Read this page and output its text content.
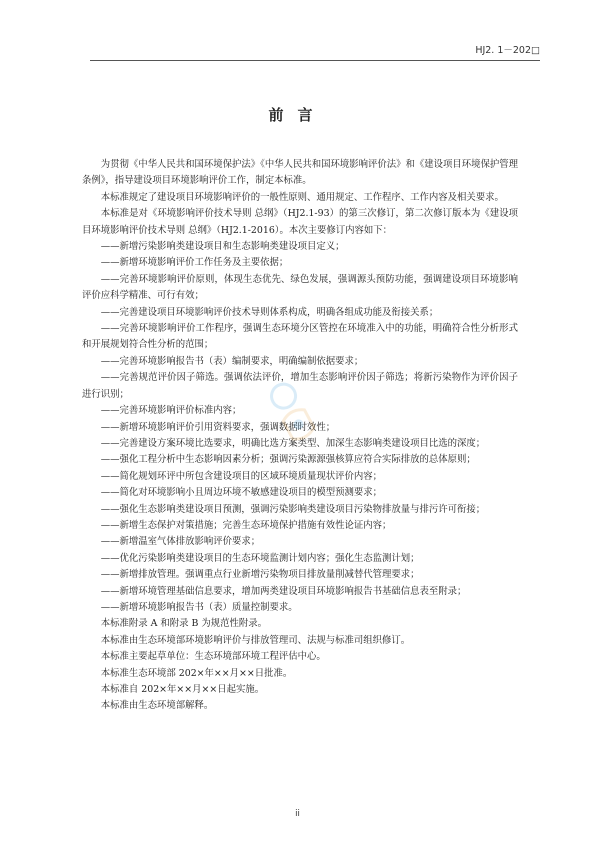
HJ2. 1－202□
前言

为贯彻《中华人民共和国环境保护法》《中华人民共和国环境影响评价法》和《建设项目环境保护管理条例》，指导建设项目环境影响评价工作，制定本标准。

本标准规定了建设项目环境影响评价的一般性原则、通用规定、工作程序、工作内容及相关要求。

本标准是对《环境影响评价技术导则 总纲》（HJ2.1-93）的第三次修订，第二次修订版本为《建设项目环境影响评价技术导则 总纲》（HJ2.1-2016）。本次主要修订内容如下：

——新增污染影响类建设项目和生态影响类建设项目定义；

——新增环境影响评价工作任务及主要依据；

——完善环境影响评价原则，体现生态优先、绿色发展，强调源头预防功能，强调建设项目环境影响评价应科学精准、可行有效；

——完善建设项目环境影响评价技术导则体系构成，明确各组成功能及衔接关系；

——完善环境影响评价工作程序，强调生态环境分区管控在环境准入中的功能，明确符合性分析形式和开展规划符合性分析的范围；

——完善环境影响报告书（表）编制要求，明确编制依据要求；

——完善规范评价因子筛选。强调依法评价，增加生态影响评价因子筛选；将新污染物作为评价因子进行识别；

——完善环境影响评价标准内容；

——新增环境影响评价引用资料要求，强调数据时效性；

——完善建设方案环境比选要求，明确比选方案类型、加深生态影响类建设项目比选的深度；

——强化工程分析中生态影响因素分析；强调污染源源强核算应符合实际排放的总体原则；

——简化规划环评中所包含建设项目的区域环境质量现状评价内容；

——简化对环境影响小且周边环境不敏感建设项目的模型预测要求；

——强化生态影响类建设项目预测，强调污染影响类建设项目污染物排放量与排污许可衔接；

——新增生态保护对策措施；完善生态环境保护措施有效性论证内容；

——新增温室气体排放影响评价要求；

——优化污染影响类建设项目的生态环境监测计划内容；强化生态监测计划；

——新增排放管理。强调重点行业新增污染物项目排放量削减替代管理要求；

——新增环境管理基础信息要求，增加两类建设项目环境影响报告书基础信息表至附录；

——新增环境影响报告书（表）质量控制要求。

本标准附录 A 和附录 B 为规范性附录。

本标准由生态环境部环境影响评价与排放管理司、法规与标准司组织修订。

本标准主要起草单位：生态环境部环境工程评估中心。

本标准生态环境部 202×年××月××日批准。

本标准自 202×年××月××日起实施。

本标准由生态环境部解释。

ii
